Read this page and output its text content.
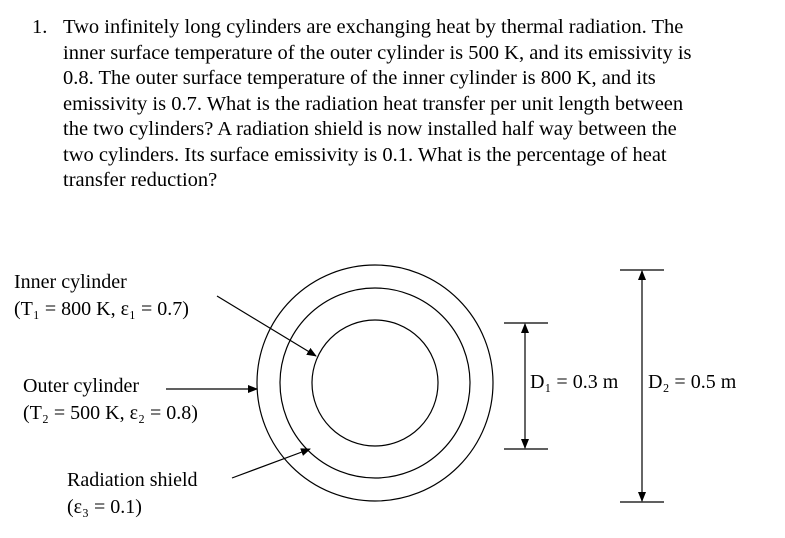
1. Two infinitely long cylinders are exchanging heat by thermal radiation. The
inner surface temperature of the outer cylinder is 500 K, and its emissivity is
0.8. The outer surface temperature of the inner cylinder is 800 K, and its
emissivity is 0.7. What is the radiation heat transfer per unit length between
the two cylinders? A radiation shield is now installed half way between the
two cylinders. Its surface emissivity is 0.1. What is the percentage of heat
transfer reduction?
Inner cylinder
(T₁ = 800 K, ε₁ = 0.7)
Outer cylinder
(T₂ = 500 K, ε₂ = 0.8)
Radiation shield
(ε₃ = 0.1)
D₁ = 0.3 m D₂ = 0.5 m
